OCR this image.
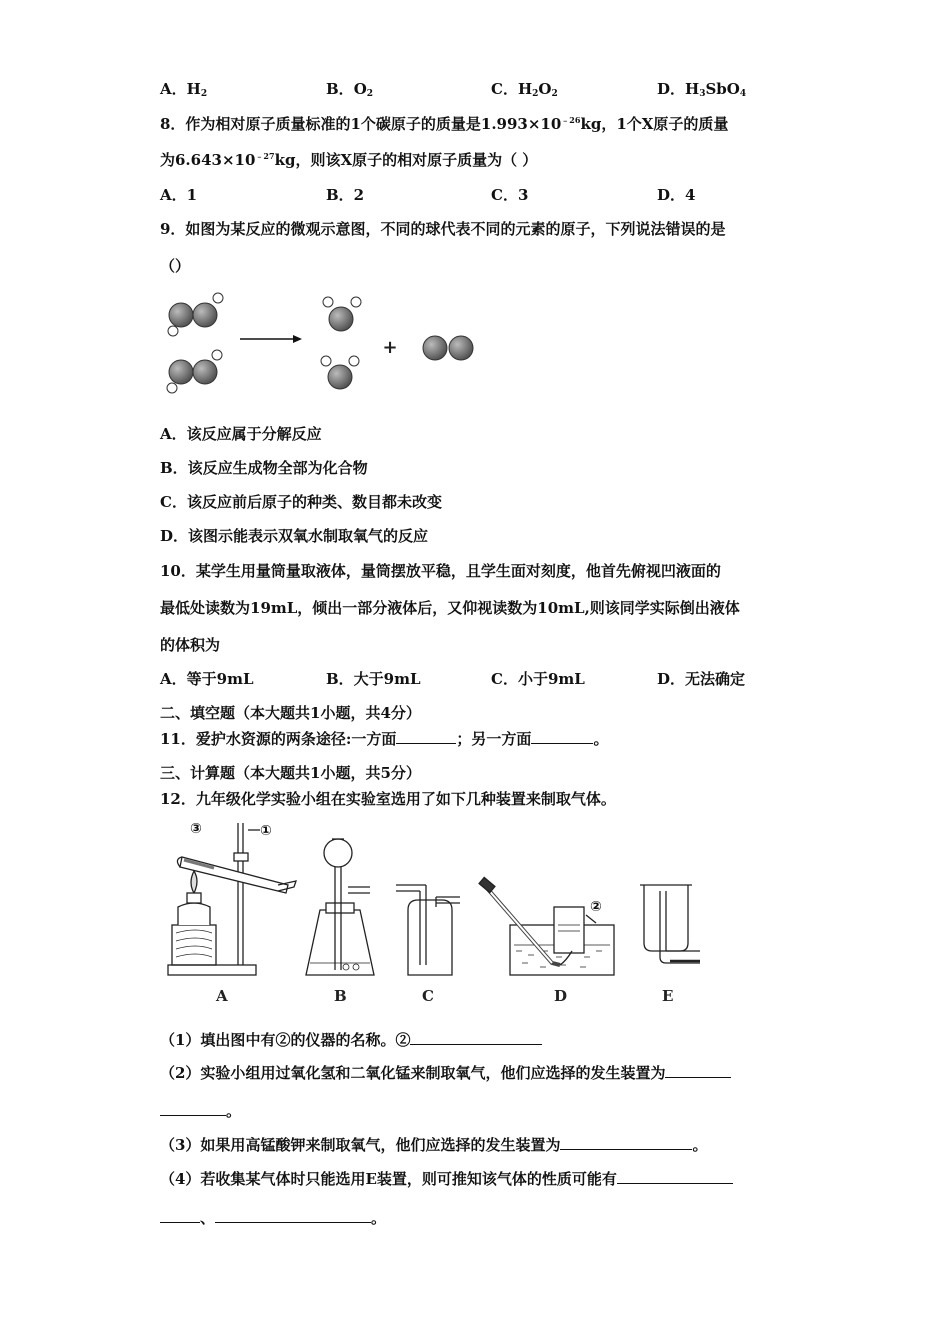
A．$H_2$	B．$O_2$	C．$H_2O_2$	D．$H_3SbO_4$
8．作为相对原子质量标准的1个碳原子的质量是$1.993\times 10^{﹣26}kg$，1个X原子的质量
为$6.643\times 10^{﹣27}kg$，则该X原子的相对原子质量为（ ）
A．1	B．2	C．3	D．4
9．如图为某反应的微观示意图，不同的球代表不同的元素的原子，下列说法错误的是
（）
+
A．该反应属于分解反应
B．该反应生成物全部为化合物
C．该反应前后原子的种类、数目都未改变
D．该图示能表示双氧水制取氧气的反应
10．某学生用量筒量取液体，量筒摆放平稳，且学生面对刻度，他首先俯视凹液面的
最低处读数为19mL，倾出一部分液体后，又仰视读数为10mL,则该同学实际倒出液体
的体积为
A．等于9mL	B．大于9mL	C．小于9mL	D．无法确定
二、填空题（本大题共1小题，共4分）
11．爱护水资源的两条途径:一方面	；另一方面	。
三、计算题（本大题共1小题，共5分）
12．九年级化学实验小组在实验室选用了如下几种装置来制取气体。
③	①
②
A	B	C	D	E
（1）填出图中有②的仪器的名称。②
（2）实验小组用过氧化氢和二氧化锰来制取氧气，他们应选择的发生装置为
。
（3）如果用高锰酸钾来制取氧气，他们应选择的发生装置为	。
（4）若收集某气体时只能选用E装置，则可推知该气体的性质可能有
、	。
